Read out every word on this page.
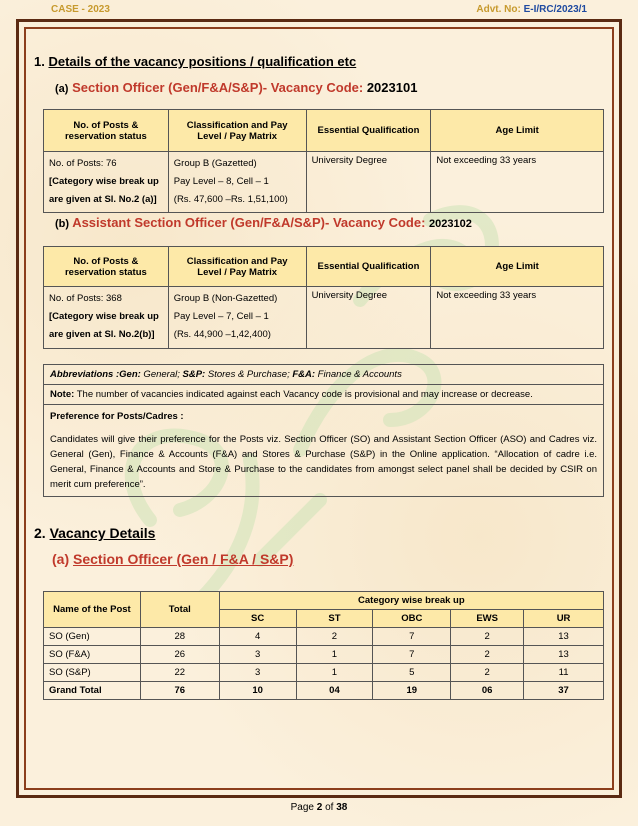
CASE - 2023	Advt. No: E-I/RC/2023/1
1. Details of the vacancy positions / qualification etc
(a) Section Officer (Gen/F&A/S&P)- Vacancy Code: 2023101
No. of Posts & reservation status	Classification and Pay Level / Pay Matrix	Essential Qualification	Age Limit

No. of Posts: 76
[Category wise break up
are given at Sl. No.2 (a)]	Group B (Gazetted)
Pay Level – 8, Cell – 1
(Rs. 47,600 –Rs. 1,51,100)	University Degree	Not exceeding 33 years
(b) Assistant Section Officer (Gen/F&A/S&P)- Vacancy Code: 2023102
No. of Posts & reservation status	Classification and Pay Level / Pay Matrix	Essential Qualification	Age Limit

No. of Posts: 368
[Category wise break up
are given at Sl. No.2(b)]	Group B (Non-Gazetted)
Pay Level – 7, Cell – 1
(Rs. 44,900 –1,42,400)	University Degree	Not exceeding 33 years
Abbreviations :Gen: General; S&P: Stores & Purchase; F&A: Finance & Accounts
Note: The number of vacancies indicated against each Vacancy code is provisional and may increase or decrease.

Preference for Posts/Cadres :

Candidates will give their preference for the Posts viz. Section Officer (SO) and Assistant Section Officer (ASO) and Cadres viz. General (Gen), Finance & Accounts (F&A) and Stores & Purchase (S&P) in the Online application. “Allocation of cadre i.e. General, Finance & Accounts and Store & Purchase to the candidates from amongst select panel shall be decided by CSIR on merit cum preference”.

2. Vacancy Details
(a) Section Officer (Gen / F&A / S&P)
Name of the Post	Total	Category wise break up				
		SC	ST	OBC	EWS	UR
SO (Gen)	28	4	2	7	2	13
SO (F&A)	26	3	1	7	2	13
SO (S&P)	22	3	1	5	2	11
Grand Total	76	10	04	19	06	37
Page 2 of 38
